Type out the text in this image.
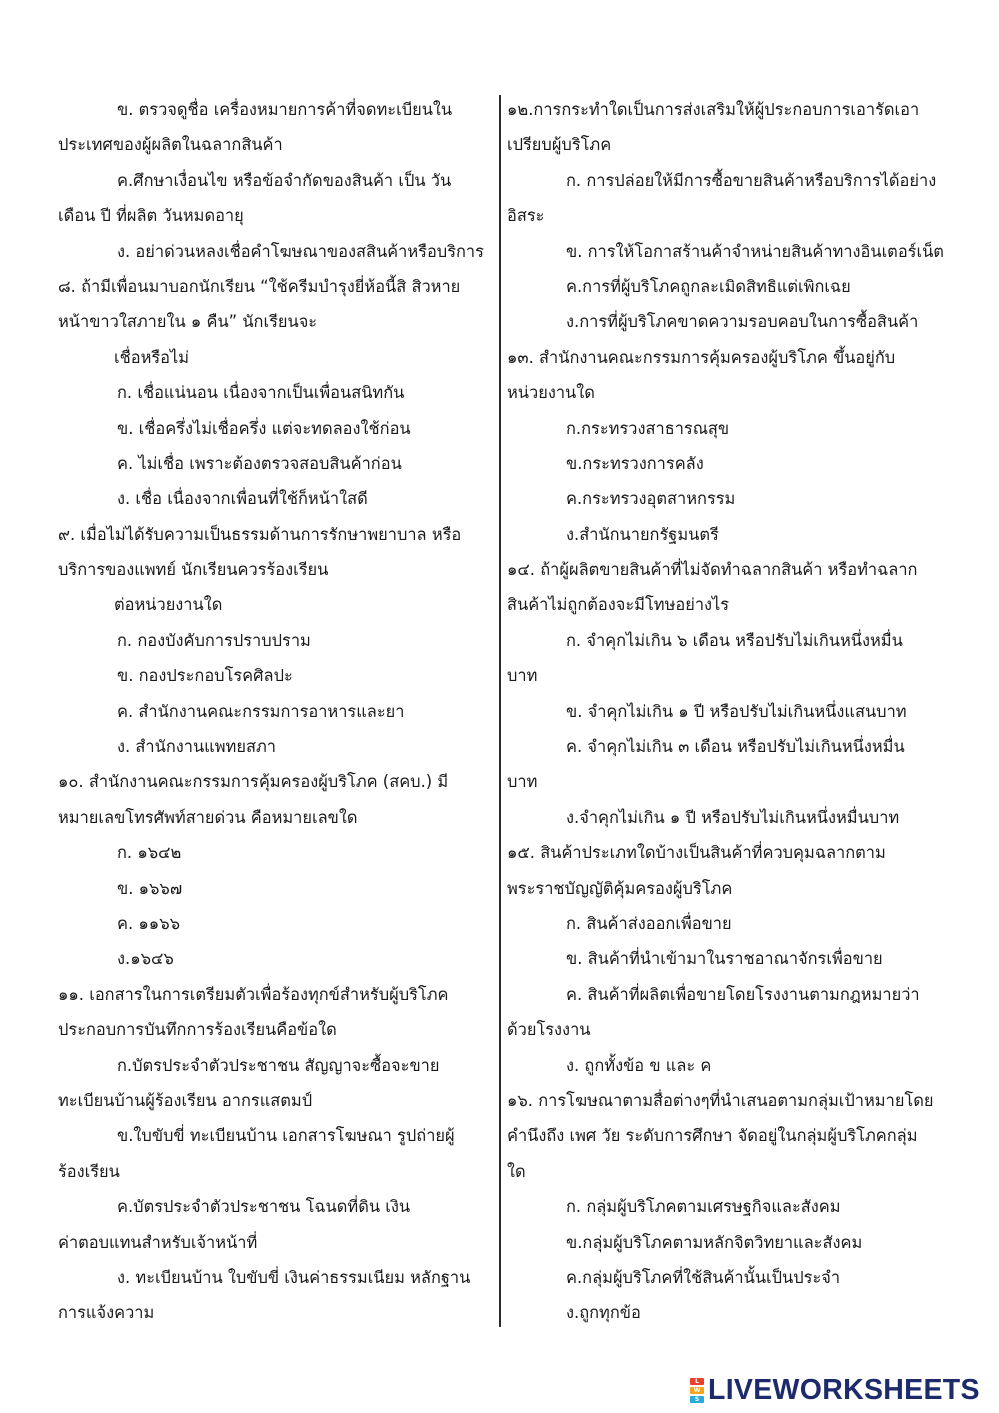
ข. ตรวจดูชื่อ เครื่องหมายการค้าที่จดทะเบียนใน
ประเทศของผู้ผลิตในฉลากสินค้า
ค.ศึกษาเงื่อนไข หรือข้อจำกัดของสินค้า เป็น วัน
เดือน ปี ที่ผลิต วันหมดอายุ
ง. อย่าด่วนหลงเชื่อคำโฆษณาของสสินค้าหรือบริการ
๘. ถ้ามีเพื่อนมาบอกนักเรียน “ใช้ครีมบำรุงยี่ห้อนี้สิ สิวหาย
หน้าขาวใสภายใน ๑ คืน” นักเรียนจะ
เชื่อหรือไม่
ก. เชื่อแน่นอน เนื่องจากเป็นเพื่อนสนิทกัน
ข. เชื่อครึ่งไม่เชื่อครึ่ง แต่จะทดลองใช้ก่อน
ค. ไม่เชื่อ เพราะต้องตรวจสอบสินค้าก่อน
ง. เชื่อ เนื่องจากเพื่อนที่ใช้ก็หน้าใสดี
๙. เมื่อไม่ได้รับความเป็นธรรมด้านการรักษาพยาบาล หรือ
บริการของแพทย์ นักเรียนควรร้องเรียน
ต่อหน่วยงานใด
ก. กองบังคับการปราบปราม
ข. กองประกอบโรคศิลปะ
ค. สำนักงานคณะกรรมการอาหารและยา
ง. สำนักงานแพทยสภา
๑๐. สำนักงานคณะกรรมการคุ้มครองผู้บริโภค (สคบ.) มี
หมายเลขโทรศัพท์สายด่วน คือหมายเลขใด
ก. ๑๖๔๒
ข. ๑๖๖๗
ค. ๑๑๖๖
ง.๑๖๔๖
๑๑. เอกสารในการเตรียมตัวเพื่อร้องทุกข์สำหรับผู้บริโภค
ประกอบการบันทึกการร้องเรียนคือข้อใด
ก.บัตรประจำตัวประชาชน สัญญาจะซื้อจะขาย
ทะเบียนบ้านผู้ร้องเรียน อากรแสตมป์
ข.ใบขับขี่ ทะเบียนบ้าน เอกสารโฆษณา รูปถ่ายผู้
ร้องเรียน
ค.บัตรประจำตัวประชาชน โฉนดที่ดิน เงิน
ค่าตอบแทนสำหรับเจ้าหน้าที่
ง. ทะเบียนบ้าน ใบขับขี่ เงินค่าธรรมเนียม หลักฐาน
การแจ้งความ
๑๒.การกระทำใดเป็นการส่งเสริมให้ผู้ประกอบการเอารัดเอา
เปรียบผู้บริโภค
ก. การปล่อยให้มีการซื้อขายสินค้าหรือบริการได้อย่าง
อิสระ
ข. การให้โอกาสร้านค้าจำหน่ายสินค้าทางอินเตอร์เน็ต
ค.การที่ผู้บริโภคถูกละเมิดสิทธิแต่เพิกเฉย
ง.การที่ผู้บริโภคขาดความรอบคอบในการซื้อสินค้า
๑๓. สำนักงานคณะกรรมการคุ้มครองผู้บริโภค ขึ้นอยู่กับ
หน่วยงานใด
ก.กระทรวงสาธารณสุข
ข.กระทรวงการคลัง
ค.กระทรวงอุตสาหกรรม
ง.สำนักนายกรัฐมนตรี
๑๔. ถ้าผู้ผลิตขายสินค้าที่ไม่จัดทำฉลากสินค้า หรือทำฉลาก
สินค้าไม่ถูกต้องจะมีโทษอย่างไร
ก. จำคุกไม่เกิน ๖ เดือน หรือปรับไม่เกินหนึ่งหมื่น
บาท
ข. จำคุกไม่เกิน ๑ ปี หรือปรับไม่เกินหนึ่งแสนบาท
ค. จำคุกไม่เกิน ๓ เดือน หรือปรับไม่เกินหนึ่งหมื่น
บาท
ง.จำคุกไม่เกิน ๑ ปี หรือปรับไม่เกินหนึ่งหมื่นบาท
๑๕. สินค้าประเภทใดบ้างเป็นสินค้าที่ควบคุมฉลากตาม
พระราชบัญญัติคุ้มครองผู้บริโภค
ก. สินค้าส่งออกเพื่อขาย
ข. สินค้าที่นำเข้ามาในราชอาณาจักรเพื่อขาย
ค. สินค้าที่ผลิตเพื่อขายโดยโรงงานตามกฎหมายว่า
ด้วยโรงงาน
ง. ถูกทั้งข้อ ข และ ค
๑๖. การโฆษณาตามสื่อต่างๆที่นำเสนอตามกลุ่มเป้าหมายโดย
คำนึงถึง เพศ วัย ระดับการศึกษา จัดอยู่ในกลุ่มผู้บริโภคกลุ่ม
ใด
ก. กลุ่มผู้บริโภคตามเศรษฐกิจและสังคม
ข.กลุ่มผู้บริโภคตามหลักจิตวิทยาและสังคม
ค.กลุ่มผู้บริโภคที่ใช้สินค้านั้นเป็นประจำ
ง.ถูกทุกข้อ
L
W
S LIVEWORKSHEETS
